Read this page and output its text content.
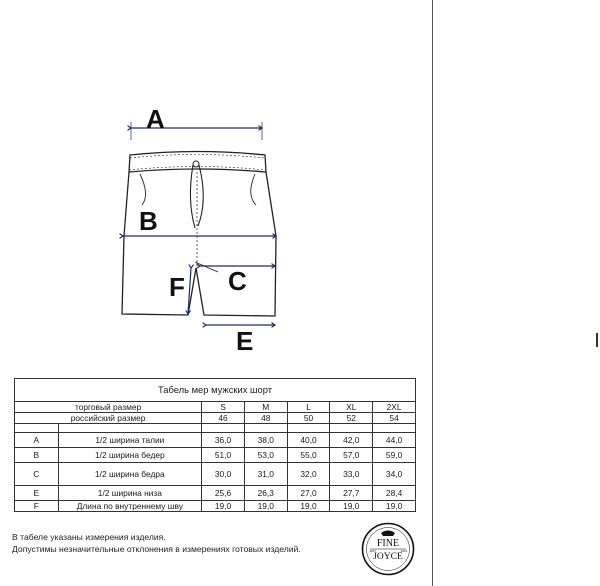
A
B
C
E
F
Табель мер мужских шорт						
торговый размер		S	M	L	XL	2XL
российский размер		46	48	50	52	54

A	1/2 ширина талии	36,0	38,0	40,0	42,0	44,0
B	1/2 ширина бедер	51,0	53,0	55,0	57,0	59,0
C	1/2 ширина бедра	30,0	31,0	32,0	33,0	34,0
E	1/2 ширина низа	25,6	26,3	27,0	27,7	28,4
F	Длина по внутреннему шву	19,0	19,0	19,0	19,0	19,0
В табеле указаны измерения изделия.
Допустимы незначительные отклонения в измерениях готовых изделий.	FINE
JOYCE
EST	2016
